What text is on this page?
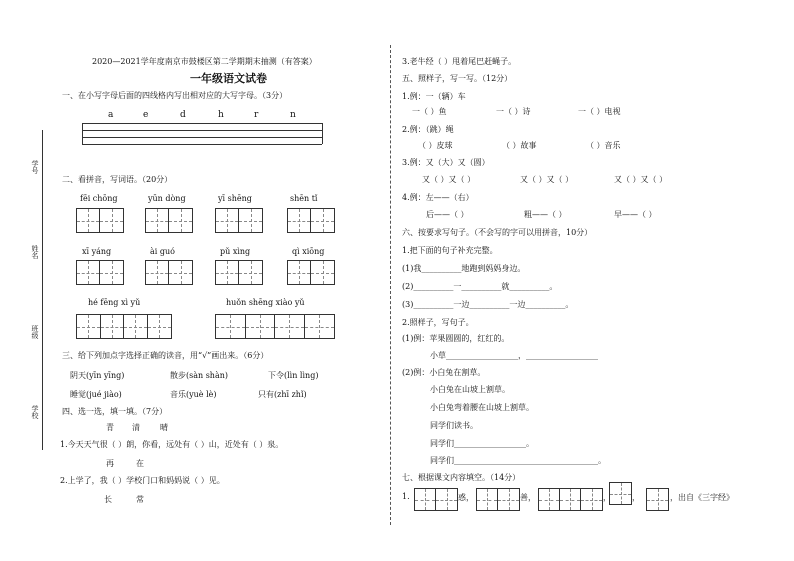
学号
姓名
班级
学校
2020—2021学年度南京市鼓楼区第二学期期末抽测（有答案）
一年级语文试卷
一、在小写字母后面的四线格内写出相对应的大写字母。（3分）
a	e	d	h	r	n
二、看拼音，写词语。（20分）
fēi chōng	yūn dòng	yī shēng	shēn tǐ
xī yáng	ài guó	pǔ xìng	qì xiōng
hé fēng xì yǔ	huǒn shēng xiào yǔ
三、给下列加点字选择正确的读音，用“√”画出来。（6分）
阴天(yīn yīng)	散步(sàn shàn)	下令(lìn lìng)
睡觉(jué jiào)	音乐(yuè lè)	只有(zhī zhǐ)
四、选一选，填一填。（7分）
青 清	晴
1.今天天气很（ ）朗，你看，远处有（ ）山，近处有（ ）泉。
再	在
2.上学了，我（ ）学校门口和妈妈说（ ）见。
长	常
3.老牛经（ ）甩着尾巴赶蝇子。
五、照样子，写一写。（12分）
1.例：一（辆）车
一（ ）鱼	一（ ）诗	一（ ）电视
2.例：（跳）绳
（ ）皮球	（ ）故事	（ ）音乐
3.例：又（大）又（圆）
又（ ）又（ ）	又（ ）又（ ）	又（ ）又（ ）
4.例：左——（右）
后——（ ）	粗——（ ）	早——（ ）
六、按要求写句子。（不会写的字可以用拼音，10分）
1.把下面的句子补充完整。
(1)我__________地跑到妈妈身边。
(2)__________一__________就__________。
(3)__________一边__________一边__________。
2.照样子，写句子。
(1)例：苹果圆圆的，红红的。
小草__________________，__________________
(2)例：小白兔在割草。
小白兔在山坡上割草。
小白兔弯着腰在山坡上割草。
同学们读书。
同学们__________________。
同学们____________________________________。
七、根据课文内容填空。（14分）
1.	惑，	善，	，	，	，出自《三字经》
